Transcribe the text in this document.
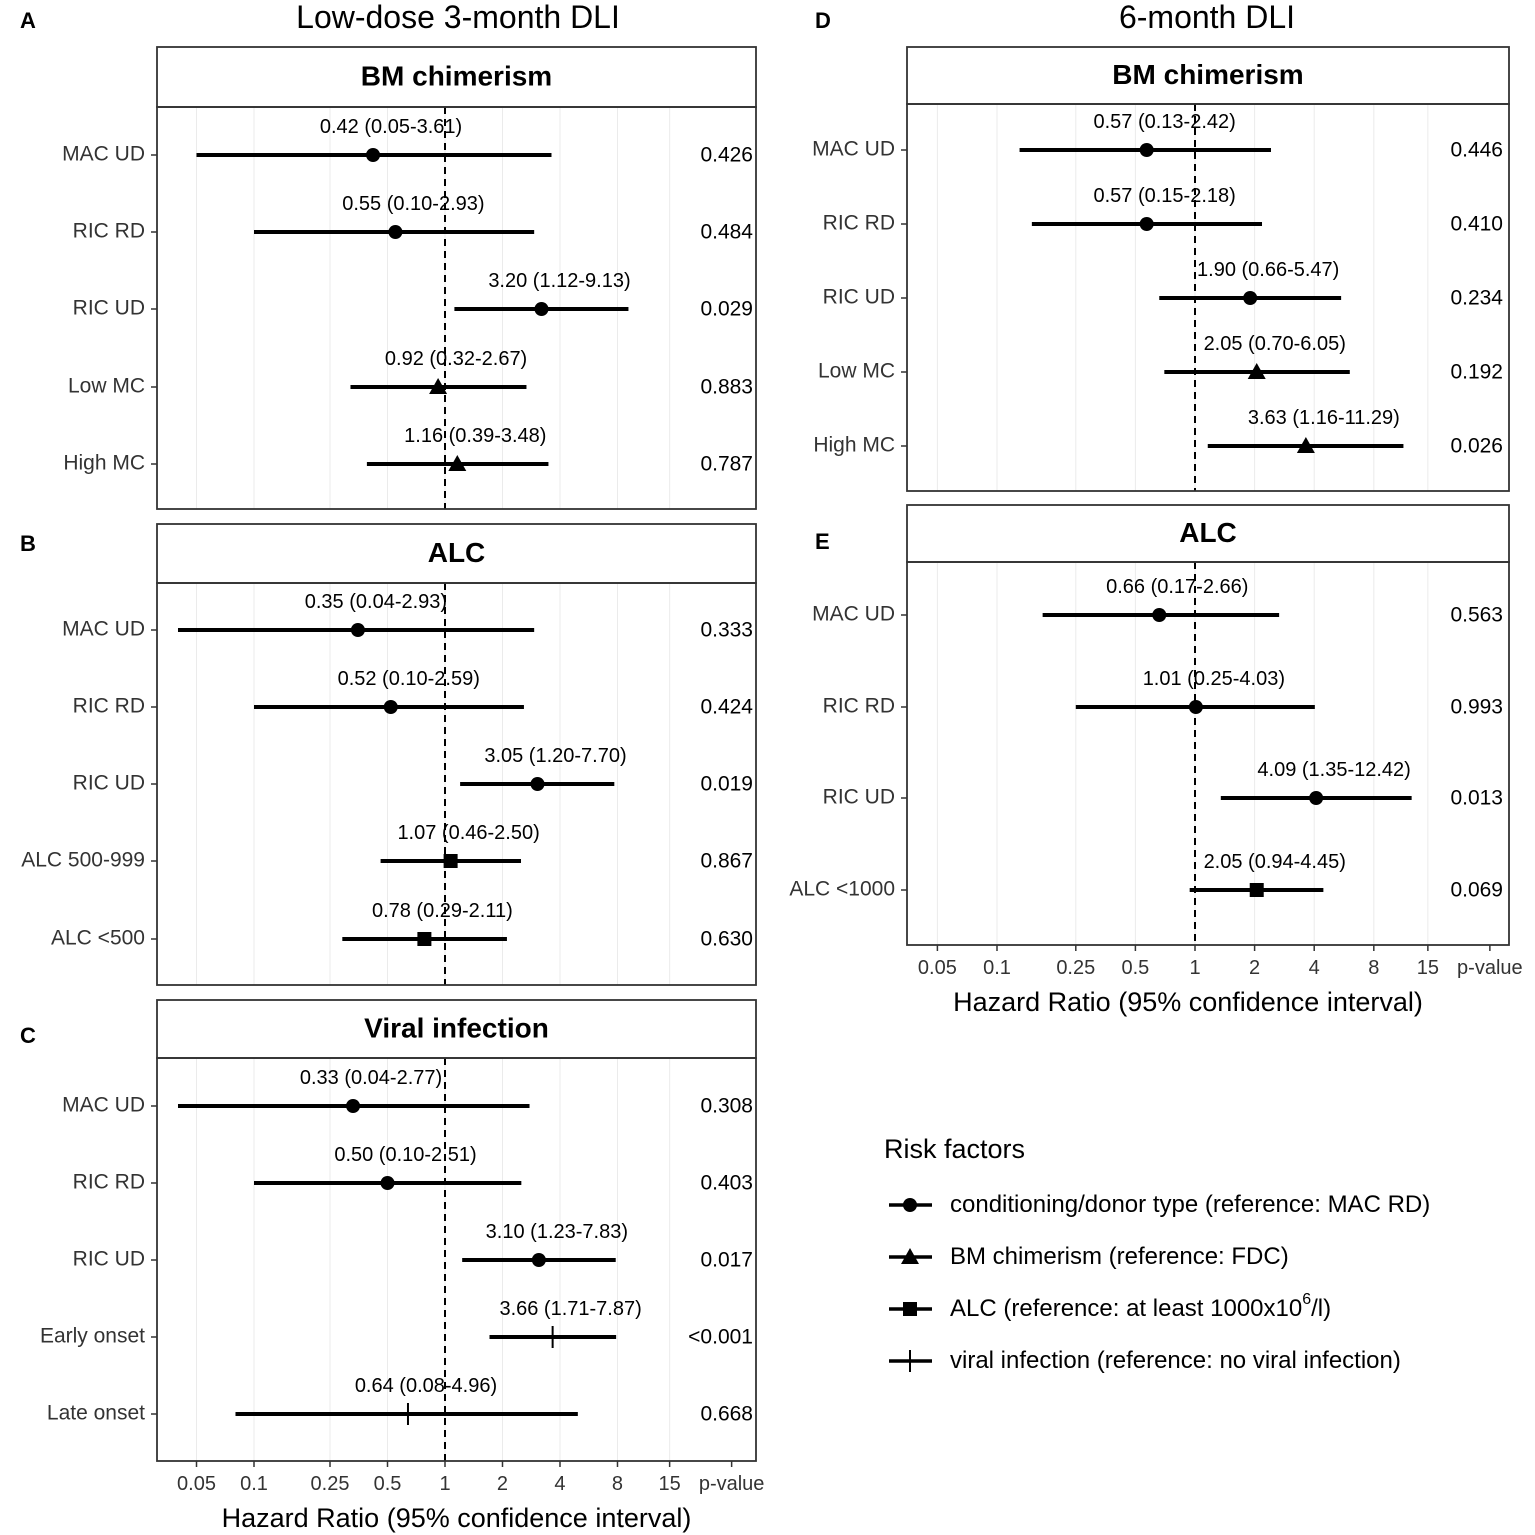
Low-dose 3-month DLI	6-month DLI
A
BM chimerism
MAC UD
0.42 (0.05-3.61)
0.426
RIC RD
0.55 (0.10-2.93)
0.484
RIC UD
3.20 (1.12-9.13)
0.029
Low MC
0.92 (0.32-2.67)
0.883
High MC
1.16 (0.39-3.48)
0.787
B	ALC
MAC UD
0.35 (0.04-2.93)
0.333
RIC RD
0.52 (0.10-2.59)
0.424
RIC UD
3.05 (1.20-7.70)
0.019
ALC 500-999
1.07 (0.46-2.50)
0.867
ALC <500
0.78 (0.29-2.11)
0.630
C	Viral infection
MAC UD
0.33 (0.04-2.77)
0.308
RIC RD
0.50 (0.10-2.51)
0.403
RIC UD
3.10 (1.23-7.83)
0.017
Early onset
3.66 (1.71-7.87)
<0.001
Late onset
0.64 (0.08-4.96)
0.668
D
BM chimerism
MAC UD
0.57 (0.13-2.42)
0.446
RIC RD
0.57 (0.15-2.18)
0.410
RIC UD
1.90 (0.66-5.47)
0.234
Low MC
2.05 (0.70-6.05)
0.192
High MC
3.63 (1.16-11.29)
0.026
E	ALC
MAC UD
0.66 (0.17-2.66)
0.563
RIC RD
1.01 (0.25-4.03)
0.993
RIC UD
4.09 (1.35-12.42)
0.013
ALC <1000
2.05 (0.94-4.45)
0.069
0.05 0.1 0.25 0.5 1 2 4 8 15 p-value
Hazard Ratio (95% confidence interval)
0.05 0.1 0.25 0.5 1 2 4 8 15 p-value
Hazard Ratio (95% confidence interval)
Risk factors
conditioning/donor type (reference: MAC RD)
BM chimerism (reference: FDC)
ALC (reference: at least $1000x10^6/l$)
viral infection (reference: no viral infection)
